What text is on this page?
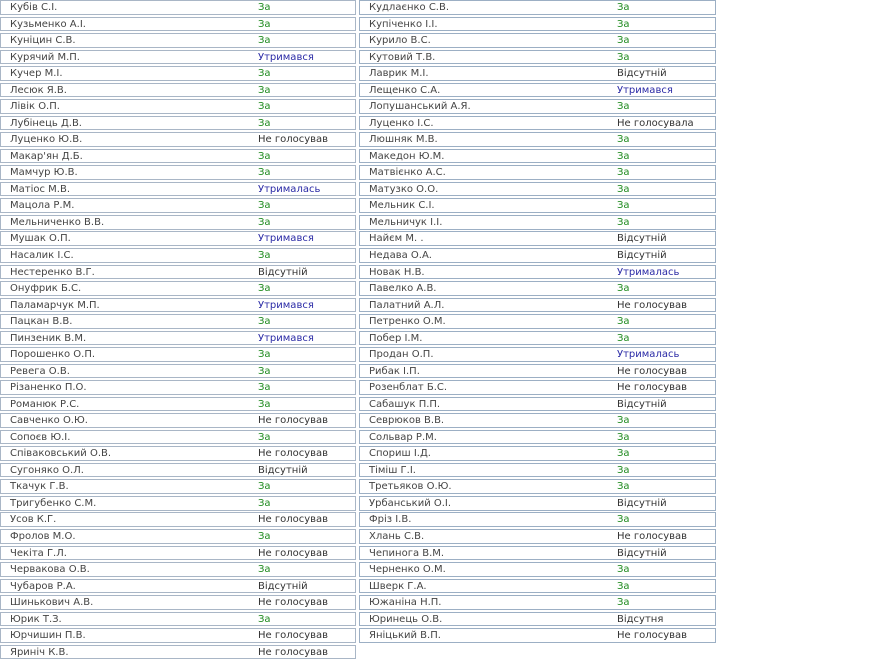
Кубів С.І.	За
Кузьменко А.І.	За
Куніцин С.В.	За
Курячий М.П.	Утримався
Кучер М.І.	За
Лесюк Я.В.	За
Лівік О.П.	За
Лубінець Д.В.	За
Луценко Ю.В.	Не голосував
Макар'ян Д.Б.	За
Мамчур Ю.В.	За
Матіос М.В.	Утрималась
Мацола Р.М.	За
Мельниченко В.В.	За
Мушак О.П.	Утримався
Насалик І.С.	За
Нестеренко В.Г.	Відсутній
Онуфрик Б.С.	За
Паламарчук М.П.	Утримався
Пацкан В.В.	За
Пинзеник В.М.	Утримався
Порошенко О.П.	За
Ревега О.В.	За
Різаненко П.О.	За
Романюк Р.С.	За
Савченко О.Ю.	Не голосував
Сопоєв Ю.І.	За
Співаковський О.В.	Не голосував
Сугоняко О.Л.	Відсутній
Ткачук Г.В.	За
Тригубенко С.М.	За
Усов К.Г.	Не голосував
Фролов М.О.	За
Чекіта Г.Л.	Не голосував
Червакова О.В.	За
Чубаров Р.А.	Відсутній
Шинькович А.В.	Не голосував
Юрик Т.З.	За
Юрчишин П.В.	Не голосував
Яриніч К.В.	Не голосував
Кудлаєнко С.В.	За
Купіченко І.І.	За
Курило В.С.	За
Кутовий Т.В.	За
Лаврик М.І.	Відсутній
Лещенко С.А.	Утримався
Лопушанський А.Я.	За
Луценко І.С.	Не голосувала
Люшняк М.В.	За
Македон Ю.М.	За
Матвієнко А.С.	За
Матузко О.О.	За
Мельник С.І.	За
Мельничук І.І.	За
Найєм М. .	Відсутній
Недава О.А.	Відсутній
Новак Н.В.	Утрималась
Павелко А.В.	За
Палатний А.Л.	Не голосував
Петренко О.М.	За
Побер І.М.	За
Продан О.П.	Утрималась
Рибак І.П.	Не голосував
Розенблат Б.С.	Не голосував
Сабашук П.П.	Відсутній
Севрюков В.В.	За
Сольвар Р.М.	За
Спориш І.Д.	За
Тіміш Г.І.	За
Третьяков О.Ю.	За
Урбанський О.І.	Відсутній
Фріз І.В.	За
Хлань С.В.	Не голосував
Чепинога В.М.	Відсутній
Черненко О.М.	За
Шверк Г.А.	За
Южаніна Н.П.	За
Юринець О.В.	Відсутня
Яніцький В.П.	Не голосував
